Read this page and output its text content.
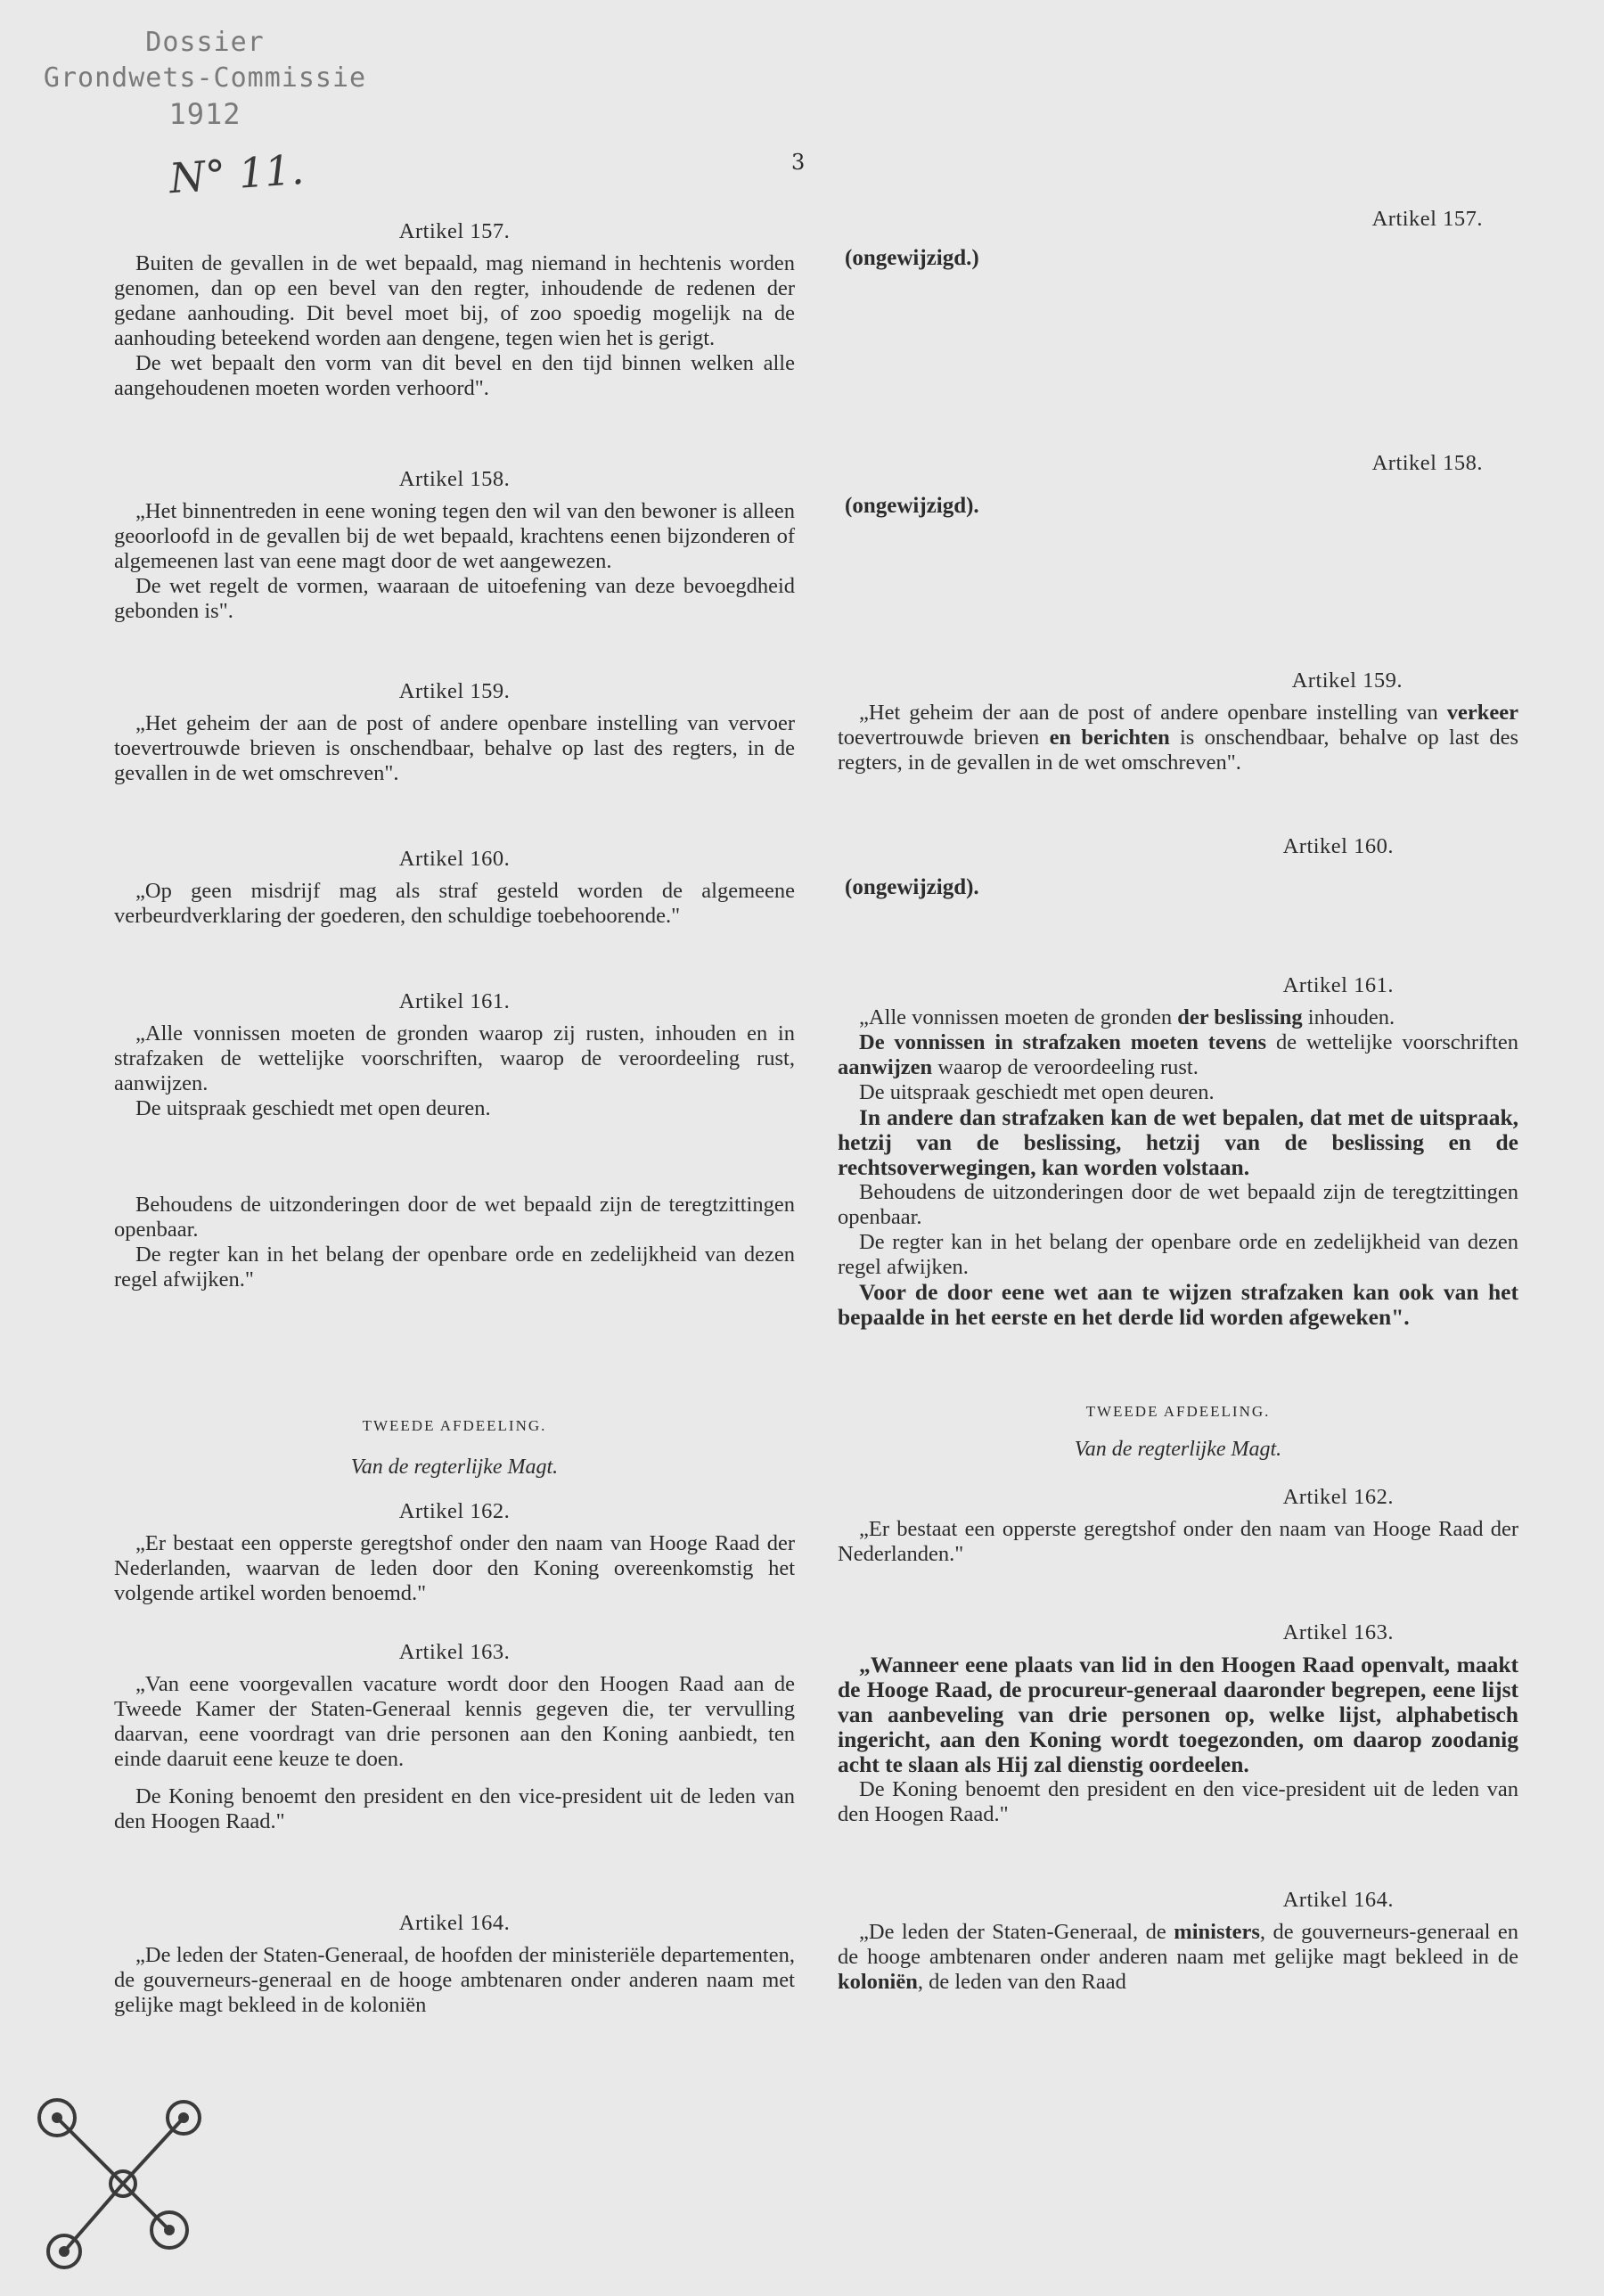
Dossier
Grondwets-Commissie
1912
N° 11.	3
Artikel 157.

Buiten de gevallen in de wet bepaald, mag niemand in hechtenis worden genomen, dan op een bevel van den regter, inhoudende de redenen der gedane aanhouding. Dit bevel moet bij, of zoo spoedig mogelijk na de aanhouding beteekend worden aan dengene, tegen wien het is gerigt.

De wet bepaalt den vorm van dit bevel en den tijd binnen welken alle aangehoudenen moeten worden verhoord".

Artikel 158.

„Het binnentreden in eene woning tegen den wil van den bewoner is alleen geoorloofd in de gevallen bij de wet bepaald, krachtens eenen bijzonderen of algemeenen last van eene magt door de wet aangewezen.

De wet regelt de vormen, waaraan de uitoefening van deze bevoegdheid gebonden is".

Artikel 159.

„Het geheim der aan de post of andere openbare instelling van vervoer toevertrouwde brieven is onschendbaar, behalve op last des regters, in de gevallen in de wet omschreven".

Artikel 160.

„Op geen misdrijf mag als straf gesteld worden de algemeene verbeurdverklaring der goederen, den schuldige toebehoorende."

Artikel 161.

„Alle vonnissen moeten de gronden waarop zij rusten, inhouden en in strafzaken de wettelijke voorschriften, waarop de veroordeeling rust, aanwijzen.

De uitspraak geschiedt met open deuren.

Behoudens de uitzonderingen door de wet bepaald zijn de teregtzittingen openbaar.

De regter kan in het belang der openbare orde en zedelijkheid van dezen regel afwijken."

TWEEDE AFDEELING.
Van de regterlijke Magt.
Artikel 162.

„Er bestaat een opperste geregtshof onder den naam van Hooge Raad der Nederlanden, waarvan de leden door den Koning overeenkomstig het volgende artikel worden benoemd."

Artikel 163.

„Van eene voorgevallen vacature wordt door den Hoogen Raad aan de Tweede Kamer der Staten-Generaal kennis gegeven die, ter vervulling daarvan, eene voordragt van drie personen aan den Koning aanbiedt, ten einde daaruit eene keuze te doen.

De Koning benoemt den president en den vice-president uit de leden van den Hoogen Raad."

Artikel 164.

„De leden der Staten-Generaal, de hoofden der ministeriële departementen, de gouverneurs-generaal en de hooge ambtenaren onder anderen naam met gelijke magt bekleed in de koloniën

Artikel 157.
(ongewijzigd.)
Artikel 158.
(ongewijzigd).
Artikel 159.

„Het geheim der aan de post of andere openbare instelling van verkeer toevertrouwde brieven en berichten is onschendbaar, behalve op last des regters, in de gevallen in de wet omschreven".

Artikel 160.
(ongewijzigd).
Artikel 161.

„Alle vonnissen moeten de gronden der beslissing inhouden.

De vonnissen in strafzaken moeten tevens de wettelijke voorschriften aanwijzen waarop de veroordeeling rust.

De uitspraak geschiedt met open deuren.

In andere dan strafzaken kan de wet bepalen, dat met de uitspraak, hetzij van de beslissing, hetzij van de beslissing en de rechtsoverwegingen, kan worden volstaan.

Behoudens de uitzonderingen door de wet bepaald zijn de teregtzittingen openbaar.

De regter kan in het belang der openbare orde en zedelijkheid van dezen regel afwijken.

Voor de door eene wet aan te wijzen strafzaken kan ook van het bepaalde in het eerste en het derde lid worden afgeweken".

TWEEDE AFDEELING.
Van de regterlijke Magt.
Artikel 162.

„Er bestaat een opperste geregtshof onder den naam van Hooge Raad der Nederlanden."

Artikel 163.

„Wanneer eene plaats van lid in den Hoogen Raad openvalt, maakt de Hooge Raad, de procureur-generaal daaronder begrepen, eene lijst van aanbeveling van drie personen op, welke lijst, alphabetisch ingericht, aan den Koning wordt toegezonden, om daarop zoodanig acht te slaan als Hij zal dienstig oordeelen.

De Koning benoemt den president en den vice-president uit de leden van den Hoogen Raad."

Artikel 164.

„De leden der Staten-Generaal, de ministers, de gouverneurs-generaal en de hooge ambtenaren onder anderen naam met gelijke magt bekleed in de koloniën, de leden van den Raad
